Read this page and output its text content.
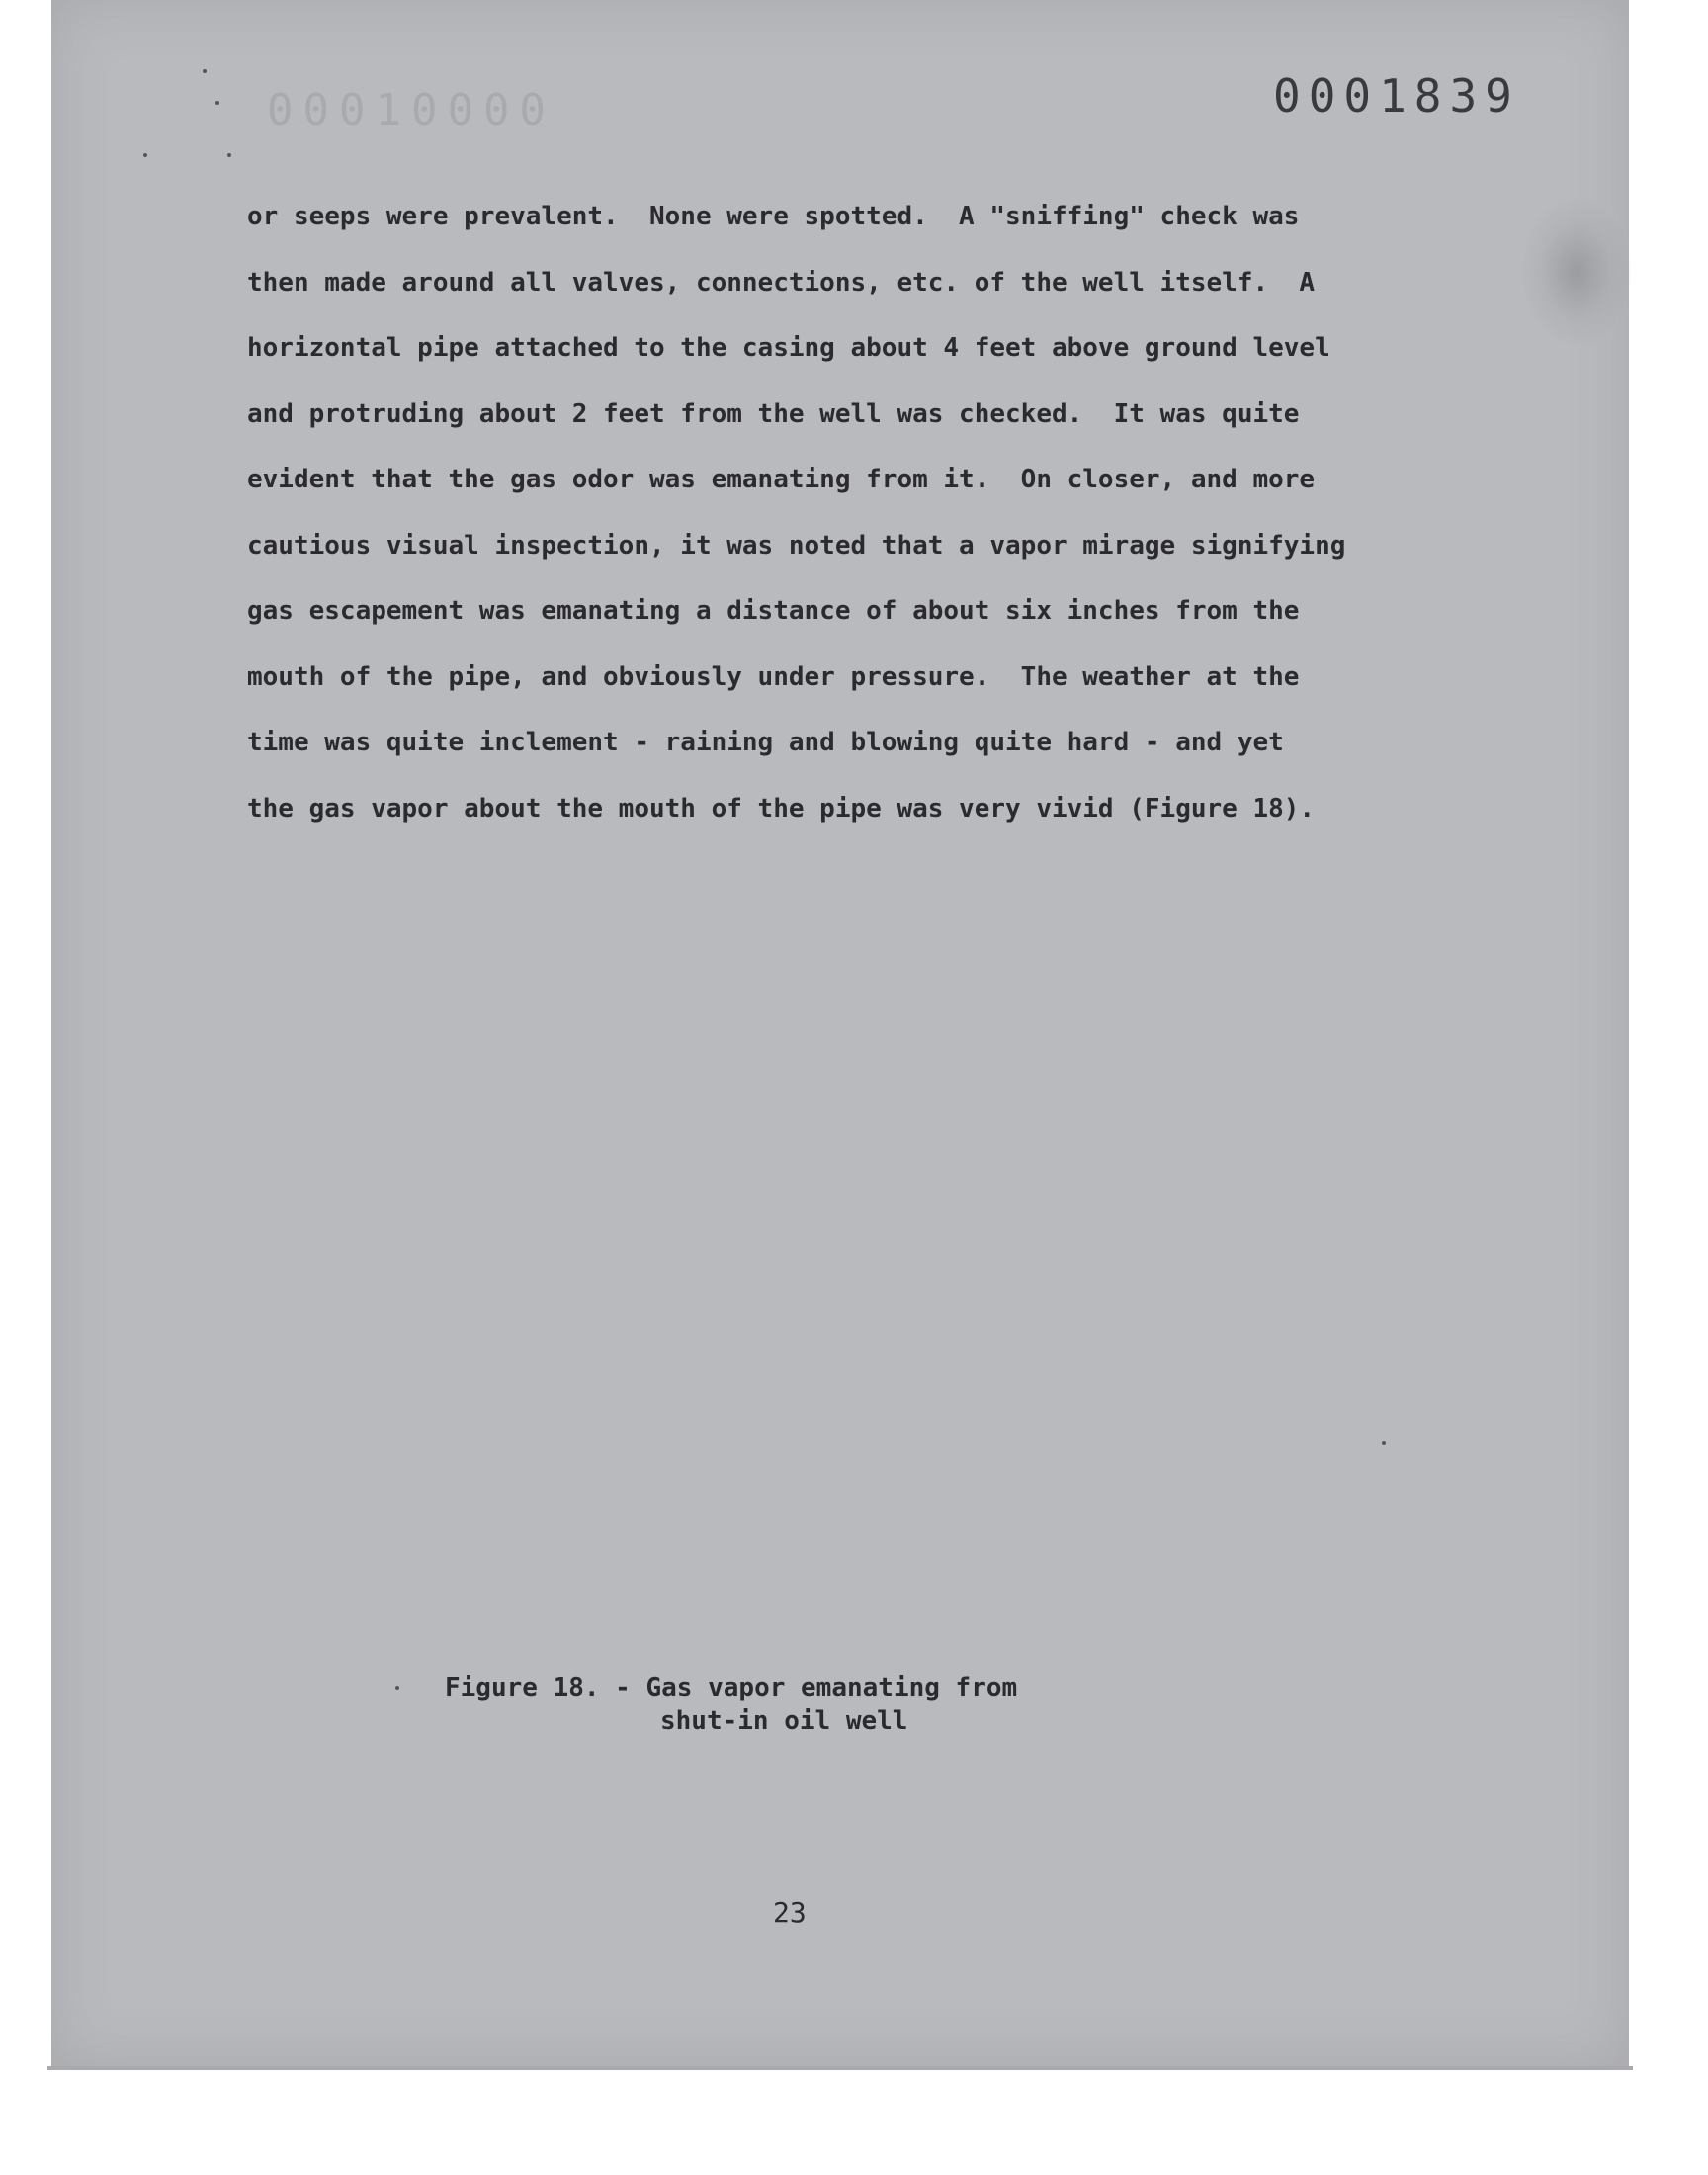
00010000	0001839

or seeps were prevalent.  None were spotted.  A "sniffing" check was
then made around all valves, connections, etc. of the well itself.  A
horizontal pipe attached to the casing about 4 feet above ground level
and protruding about 2 feet from the well was checked.  It was quite
evident that the gas odor was emanating from it.  On closer, and more
cautious visual inspection, it was noted that a vapor mirage signifying
gas escapement was emanating a distance of about six inches from the
mouth of the pipe, and obviously under pressure.  The weather at the
time was quite inclement - raining and blowing quite hard - and yet
the gas vapor about the mouth of the pipe was very vivid (Figure 18).

Figure 18. - Gas vapor emanating from
shut-in oil well
23
